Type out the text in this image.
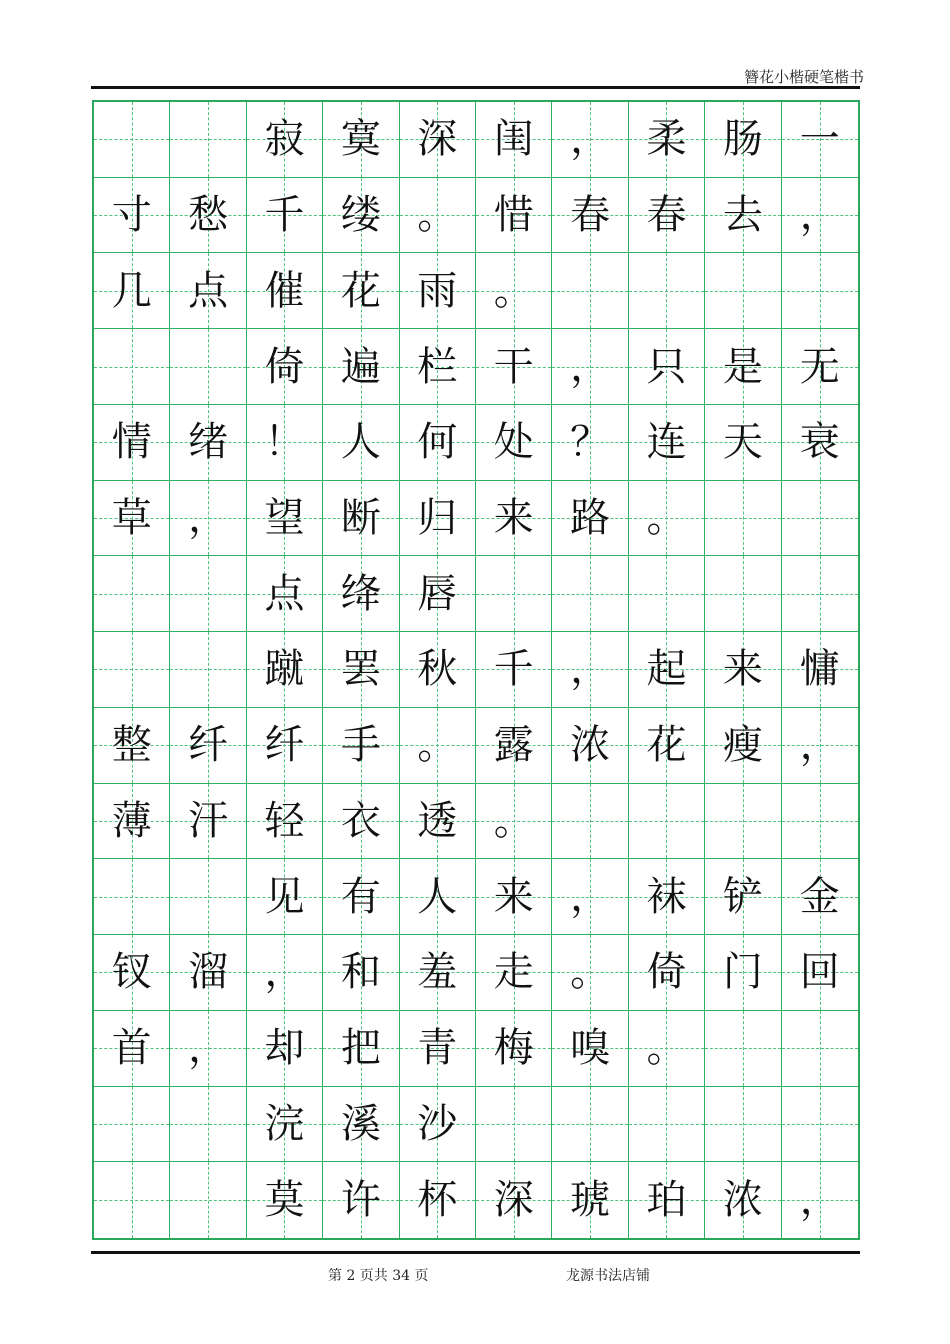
簪花小楷硬笔楷书
寂 寞 深 闺 ， 柔 肠 一
寸 愁 千 缕 。 惜 春 春 去 ，
几 点 催 花 雨 。
倚 遍 栏 干 ， 只 是 无
情 绪 ！ 人 何 处 ？ 连 天 衰
草 ， 望 断 归 来 路 。
点 绛 唇
蹴 罢 秋 千 ， 起 来 慵
整 纤 纤 手 。 露 浓 花 瘦 ，
薄 汗 轻 衣 透 。
见 有 人 来 ， 袜 铲 金
钗 溜 ， 和 羞 走 。 倚 门 回
首 ， 却 把 青 梅 嗅 。
浣 溪 沙
莫 许 杯 深 琥 珀 浓 ，
第 2 页共 34 页	龙源书法店铺
